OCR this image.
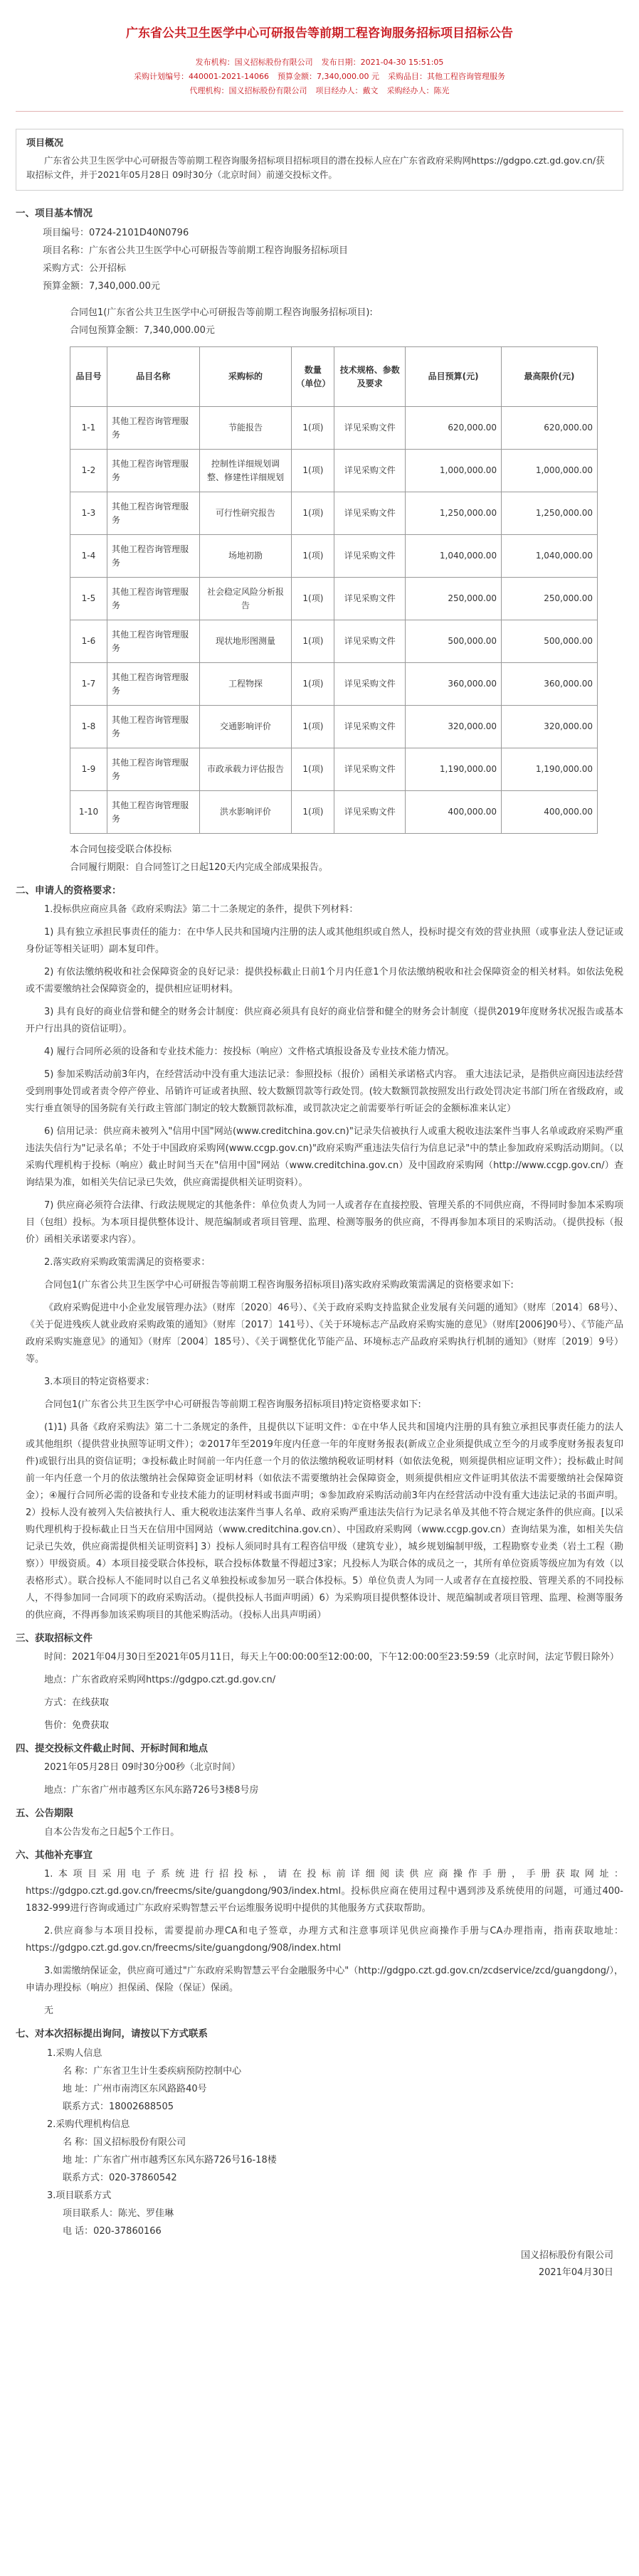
广东省公共卫生医学中心可研报告等前期工程咨询服务招标项目招标公告
发布机构：国义招标股份有限公司 发布日期：2021-04-30 15:51:05
采购计划编号：440001-2021-14066 预算金额：7,340,000.00 元 采购品目：其他工程咨询管理服务
代理机构：国义招标股份有限公司 项目经办人：戴文 采购经办人：陈光
项目概况

广东省公共卫生医学中心可研报告等前期工程咨询服务招标项目招标项目的潜在投标人应在广东省政府采购网https://gdgpo.czt.gd.gov.cn/获取招标文件，并于2021年05月28日 09时30分（北京时间）前递交投标文件。

一、项目基本情况
项目编号：0724-2101D40N0796
项目名称：广东省公共卫生医学中心可研报告等前期工程咨询服务招标项目
采购方式：公开招标
预算金额：7,340,000.00元
合同包1(广东省公共卫生医学中心可研报告等前期工程咨询服务招标项目):
合同包预算金额：7,340,000.00元
品目号	品目名称	采购标的	数量（单位）	技术规格、参数及要求	品目预算(元)	最高限价(元)
1-1	其他工程咨询管理服务	节能报告	1(项)	详见采购文件	620,000.00	620,000.00
1-2	其他工程咨询管理服务	控制性详细规划调整、修建性详细规划	1(项)	详见采购文件	1,000,000.00	1,000,000.00
1-3	其他工程咨询管理服务	可行性研究报告	1(项)	详见采购文件	1,250,000.00	1,250,000.00
1-4	其他工程咨询管理服务	场地初勘	1(项)	详见采购文件	1,040,000.00	1,040,000.00
1-5	其他工程咨询管理服务	社会稳定风险分析报告	1(项)	详见采购文件	250,000.00	250,000.00
1-6	其他工程咨询管理服务	现状地形图测量	1(项)	详见采购文件	500,000.00	500,000.00
1-7	其他工程咨询管理服务	工程物探	1(项)	详见采购文件	360,000.00	360,000.00
1-8	其他工程咨询管理服务	交通影响评价	1(项)	详见采购文件	320,000.00	320,000.00
1-9	其他工程咨询管理服务	市政承载力评估报告	1(项)	详见采购文件	1,190,000.00	1,190,000.00
1-10	其他工程咨询管理服务	洪水影响评价	1(项)	详见采购文件	400,000.00	400,000.00
本合同包接受联合体投标
合同履行期限：自合同签订之日起120天内完成全部成果报告。
二、申请人的资格要求：
1.投标供应商应具备《政府采购法》第二十二条规定的条件，提供下列材料：
1) 具有独立承担民事责任的能力：在中华人民共和国境内注册的法人或其他组织或自然人，投标时提交有效的营业执照（或事业法人登记证或身份证等相关证明）副本复印件。
2) 有依法缴纳税收和社会保障资金的良好记录：提供投标截止日前1个月内任意1个月依法缴纳税收和社会保障资金的相关材料。如依法免税或不需要缴纳社会保障资金的，提供相应证明材料。
3) 具有良好的商业信誉和健全的财务会计制度：供应商必须具有良好的商业信誉和健全的财务会计制度（提供2019年度财务状况报告或基本开户行出具的资信证明）。
4) 履行合同所必须的设备和专业技术能力：按投标（响应）文件格式填报设备及专业技术能力情况。
5) 参加采购活动前3年内，在经营活动中没有重大违法记录：参照投标（报价）函相关承诺格式内容。 重大违法记录，是指供应商因违法经营受到刑事处罚或者责令停产停业、吊销许可证或者执照、较大数额罚款等行政处罚。(较大数额罚款按照发出行政处罚决定书部门所在省级政府，或实行垂直领导的国务院有关行政主管部门制定的较大数额罚款标准，或罚款决定之前需要举行听证会的金额标准来认定）
6) 信用记录：供应商未被列入"信用中国"网站(www.creditchina.gov.cn)"记录失信被执行人或重大税收违法案件当事人名单或政府采购严重违法失信行为"记录名单；不处于中国政府采购网(www.ccgp.gov.cn)"政府采购严重违法失信行为信息记录"中的禁止参加政府采购活动期间。（以采购代理机构于投标（响应）截止时间当天在"信用中国"网站（www.creditchina.gov.cn）及中国政府采购网（http://www.ccgp.gov.cn/）查询结果为准，如相关失信记录已失效，供应商需提供相关证明资料）。
7) 供应商必须符合法律、行政法规规定的其他条件：单位负责人为同一人或者存在直接控股、管理关系的不同供应商，不得同时参加本采购项目（包组）投标。为本项目提供整体设计、规范编制或者项目管理、监理、检测等服务的供应商，不得再参加本项目的采购活动。（提供投标（报价）函相关承诺要求内容）。
2.落实政府采购政策需满足的资格要求：
合同包1(广东省公共卫生医学中心可研报告等前期工程咨询服务招标项目)落实政府采购政策需满足的资格要求如下:
《政府采购促进中小企业发展管理办法》（财库〔2020〕46号）、《关于政府采购支持监狱企业发展有关问题的通知》（财库〔2014〕68号）、《关于促进残疾人就业政府采购政策的通知》（财库〔2017〕141号）、《关于环境标志产品政府采购实施的意见》（财库[2006]90号）、《节能产品政府采购实施意见》的通知》（财库〔2004〕185号）、《关于调整优化节能产品、环境标志产品政府采购执行机制的通知》（财库〔2019〕9号）等。
3.本项目的特定资格要求：
合同包1(广东省公共卫生医学中心可研报告等前期工程咨询服务招标项目)特定资格要求如下:
(1)1) 具备《政府采购法》第二十二条规定的条件，且提供以下证明文件：①在中华人民共和国境内注册的具有独立承担民事责任能力的法人或其他组织（提供营业执照等证明文件）；②2017年至2019年度内任意一年的年度财务报表(新成立企业须提供成立至今的月或季度财务报表复印件)或银行出具的资信证明；③投标截止时间前一年内任意一个月的依法缴纳税收证明材料（如依法免税，则须提供相应证明文件）；投标截止时间前一年内任意一个月的依法缴纳社会保障资金证明材料（如依法不需要缴纳社会保障资金，则须提供相应文件证明其依法不需要缴纳社会保障资金）；④履行合同所必需的设备和专业技术能力的证明材料或书面声明；⑤参加政府采购活动前3年内在经营活动中没有重大违法记录的书面声明。2）投标人没有被列入失信被执行人、重大税收违法案件当事人名单、政府采购严重违法失信行为记录名单及其他不符合规定条件的供应商。[以采购代理机构于投标截止日当天在信用中国网站（www.creditchina.gov.cn）、中国政府采购网（www.ccgp.gov.cn）查询结果为准，如相关失信记录已失效，供应商需提供相关证明资料] 3）投标人须同时具有工程咨信甲级（建筑专业），城乡规划编制甲级，工程勘察专业类（岩土工程（勘察））甲级资质。4）本项目接受联合体投标，联合投标体数量不得超过3家；凡投标人为联合体的成员之一，其所有单位资质等级应加为有效（以表格形式）。联合投标人不能同时以自己名义单独投标或参加另一联合体投标。5）单位负责人为同一人或者存在直接控股、管理关系的不同投标人，不得参加同一合同项下的政府采购活动。（提供投标人书面声明函）6）为采购项目提供整体设计、规范编制或者项目管理、监理、检测等服务的供应商，不得再参加该采购项目的其他采购活动。（投标人出具声明函）
三、获取招标文件
时间：2021年04月30日至2021年05月11日，每天上午00:00:00至12:00:00，下午12:00:00至23:59:59（北京时间，法定节假日除外）
地点：广东省政府采购网https://gdgpo.czt.gd.gov.cn/
方式：在线获取
售价：免费获取
四、提交投标文件截止时间、开标时间和地点
2021年05月28日 09时30分00秒（北京时间）
地点：广东省广州市越秀区东风东路726号3楼8号房
五、公告期限
自本公告发布之日起5个工作日。
六、其他补充事宜
1.本项目采用电子系统进行招投标，请在投标前详细阅读供应商操作手册，手册获取网址：https://gdgpo.czt.gd.gov.cn/freecms/site/guangdong/903/index.html。投标供应商在使用过程中遇到涉及系统使用的问题，可通过400-1832-999进行咨询或通过广东政府采购智慧云平台运维服务说明中提供的其他服务方式获取帮助。
2.供应商参与本项目投标，需要提前办理CA和电子签章，办理方式和注意事项详见供应商操作手册与CA办理指南，指南获取地址：https://gdgpo.czt.gd.gov.cn/freecms/site/guangdong/908/index.html
3.如需缴纳保证金，供应商可通过"广东政府采购智慧云平台金融服务中心"（http://gdgpo.czt.gd.gov.cn/zcdservice/zcd/guangdong/），申请办理投标（响应）担保函、保险（保证）保函。
无
七、对本次招标提出询问，请按以下方式联系
1.采购人信息
名 称：广东省卫生计生委疾病预防控制中心
地 址：广州市南湾区东风路路40号
联系方式：18002688505
2.采购代理机构信息
名 称：国义招标股份有限公司
地 址：广东省广州市越秀区东风东路726号16-18楼
联系方式：020-37860542
3.项目联系方式
项目联系人：陈光、罗佳琳
电 话：020-37860166
国义招标股份有限公司
2021年04月30日
